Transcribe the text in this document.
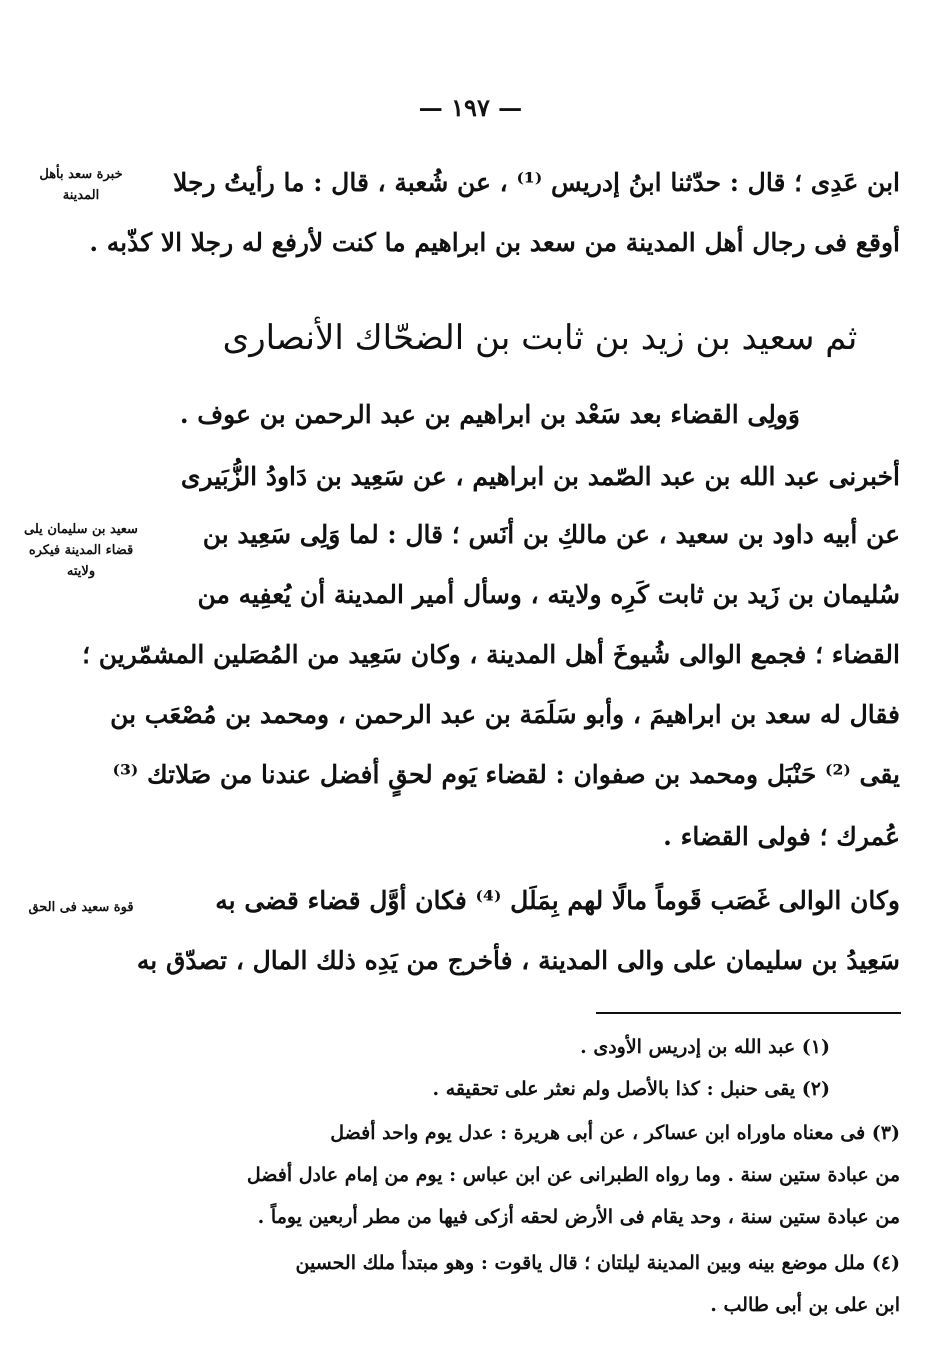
— ١٩٧ —
خبرة سعد بأهل المدينة
سعيد بن سليمان يلى قضاء المدينة فيكره ولايته
قوة سعيد فى الحق
ابن عَدِى ؛ قال : حدّثنا ابنُ إدريس ⁽¹⁾ ، عن شُعبة ، قال : ما رأيتُ رجلا
أوقع فى رجال أهل المدينة من سعد بن ابراهيم ما كنت لأرفع له رجلا الا كذّبه .
ثم سعيد بن زيد بن ثابت بن الضحّاك الأنصارى
وَولِى القضاء بعد سَعْد بن ابراهيم بن عبد الرحمن بن عوف .
أخبرنى عبد الله بن عبد الصّمد بن ابراهيم ، عن سَعِيد بن دَاودُ الزُّبَيرى
عن أبيه داود بن سعيد ، عن مالكِ بن أنَس ؛ قال : لما وَلِى سَعِيد بن
سُليمان بن زَيد بن ثابت كَرِه ولايته ، وسأل أمير المدينة أن يُعفِيه من
القضاء ؛ فجمع الوالى شُيوخَ أهل المدينة ، وكان سَعِيد من المُصَلين المشمّرين ؛
فقال له سعد بن ابراهيمَ ، وأبو سَلَمَة بن عبد الرحمن ، ومحمد بن مُصْعَب بن
يقى ⁽²⁾ حَنْبَل ومحمد بن صفوان : لقضاء يَوم لحقٍ أفضل عندنا من صَلاتك ⁽³⁾
عُمرك ؛ فولى القضاء .
وكان الوالى غَصَب قَوماً مالًا لهم بِمَلَل ⁽⁴⁾ فكان أوَّل قضاء قضى به
سَعِيدُ بن سليمان على والى المدينة ، فأخرج من يَدِه ذلك المال ، تصدّق به
(١) عبد الله بن إدريس الأودى .
(٢) يقى حنبل : كذا بالأصل ولم نعثر على تحقيقه .
(٣) فى معناه ماوراه ابن عساكر ، عن أبى هريرة : عدل يوم واحد أفضل
من عبادة ستين سنة . وما رواه الطبرانى عن ابن عباس : يوم من إمام عادل أفضل
من عبادة ستين سنة ، وحد يقام فى الأرض لحقه أزكى فيها من مطر أربعين يوماً .
(٤) ملل موضع بينه وبين المدينة ليلتان ؛ قال ياقوت : وهو مبتدأ ملك الحسين
ابن على بن أبى طالب .
